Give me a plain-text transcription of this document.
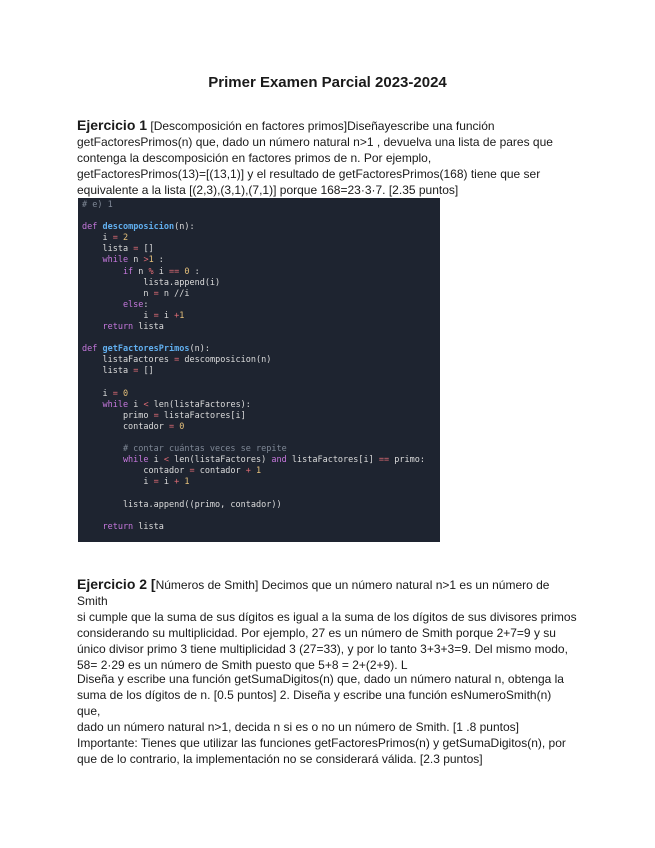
Primer Examen Parcial 2023-2024

Ejercicio 1 [Descomposición en factores primos]Diseñayescribe una función
getFactoresPrimos(n) que, dado un número natural n>1 , devuelva una lista de pares que
contenga la descomposición en factores primos de n. Por ejemplo,
getFactoresPrimos(13)=[(13,1)] y el resultado de getFactoresPrimos(168) tiene que ser
equivalente a la lista [(2,3),(3,1),(7,1)] porque 168=23·3·7. [2.35 puntos]

# e) 1

def descomposicion(n):
i = 2
lista = []
while n >1 :
if n % i == 0 :
lista.append(i)
n = n //i
else:
i = i +1
return lista

def getFactoresPrimos(n):
listaFactores = descomposicion(n)
lista = []

i = 0
while i < len(listaFactores):
primo = listaFactores[i]
contador = 0

# contar cuántas veces se repite
while i < len(listaFactores) and listaFactores[i] == primo:
contador = contador + 1
i = i + 1

lista.append((primo, contador))

return lista

Ejercicio 2 [Números de Smith] Decimos que un número natural n>1 es un número de Smith
si cumple que la suma de sus dígitos es igual a la suma de los dígitos de sus divisores primos
considerando su multiplicidad. Por ejemplo, 27 es un número de Smith porque 2+7=9 y su
único divisor primo 3 tiene multiplicidad 3 (27=33), y por lo tanto 3+3+3=9. Del mismo modo,
58= 2·29 es un número de Smith puesto que 5+8 = 2+(2+9). L

Diseña y escribe una función getSumaDigitos(n) que, dado un número natural n, obtenga la
suma de los dígitos de n. [0.5 puntos] 2. Diseña y escribe una función esNumeroSmith(n) que,
dado un número natural n>1, decida n si es o no un número de Smith. [1 .8 puntos]

Importante: Tienes que utilizar las funciones getFactoresPrimos(n) y getSumaDigitos(n), por
que de lo contrario, la implementación no se considerará válida. [2.3 puntos]
